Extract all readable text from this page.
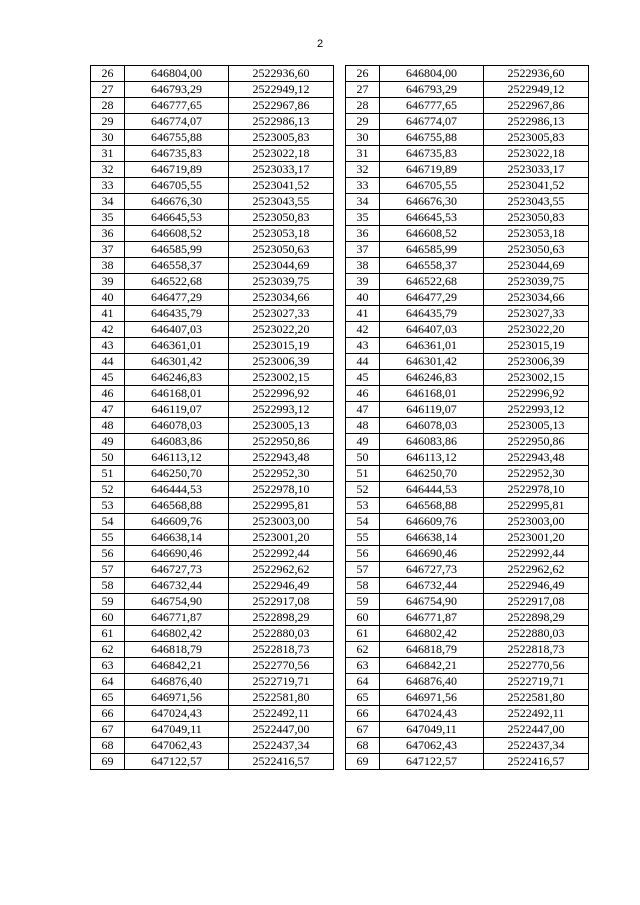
2
26	646804,00	2522936,60
27	646793,29	2522949,12
28	646777,65	2522967,86
29	646774,07	2522986,13
30	646755,88	2523005,83
31	646735,83	2523022,18
32	646719,89	2523033,17
33	646705,55	2523041,52
34	646676,30	2523043,55
35	646645,53	2523050,83
36	646608,52	2523053,18
37	646585,99	2523050,63
38	646558,37	2523044,69
39	646522,68	2523039,75
40	646477,29	2523034,66
41	646435,79	2523027,33
42	646407,03	2523022,20
43	646361,01	2523015,19
44	646301,42	2523006,39
45	646246,83	2523002,15
46	646168,01	2522996,92
47	646119,07	2522993,12
48	646078,03	2523005,13
49	646083,86	2522950,86
50	646113,12	2522943,48
51	646250,70	2522952,30
52	646444,53	2522978,10
53	646568,88	2522995,81
54	646609,76	2523003,00
55	646638,14	2523001,20
56	646690,46	2522992,44
57	646727,73	2522962,62
58	646732,44	2522946,49
59	646754,90	2522917,08
60	646771,87	2522898,29
61	646802,42	2522880,03
62	646818,79	2522818,73
63	646842,21	2522770,56
64	646876,40	2522719,71
65	646971,56	2522581,80
66	647024,43	2522492,11
67	647049,11	2522447,00
68	647062,43	2522437,34
69	647122,57	2522416,57
26	646804,00	2522936,60
27	646793,29	2522949,12
28	646777,65	2522967,86
29	646774,07	2522986,13
30	646755,88	2523005,83
31	646735,83	2523022,18
32	646719,89	2523033,17
33	646705,55	2523041,52
34	646676,30	2523043,55
35	646645,53	2523050,83
36	646608,52	2523053,18
37	646585,99	2523050,63
38	646558,37	2523044,69
39	646522,68	2523039,75
40	646477,29	2523034,66
41	646435,79	2523027,33
42	646407,03	2523022,20
43	646361,01	2523015,19
44	646301,42	2523006,39
45	646246,83	2523002,15
46	646168,01	2522996,92
47	646119,07	2522993,12
48	646078,03	2523005,13
49	646083,86	2522950,86
50	646113,12	2522943,48
51	646250,70	2522952,30
52	646444,53	2522978,10
53	646568,88	2522995,81
54	646609,76	2523003,00
55	646638,14	2523001,20
56	646690,46	2522992,44
57	646727,73	2522962,62
58	646732,44	2522946,49
59	646754,90	2522917,08
60	646771,87	2522898,29
61	646802,42	2522880,03
62	646818,79	2522818,73
63	646842,21	2522770,56
64	646876,40	2522719,71
65	646971,56	2522581,80
66	647024,43	2522492,11
67	647049,11	2522447,00
68	647062,43	2522437,34
69	647122,57	2522416,57
